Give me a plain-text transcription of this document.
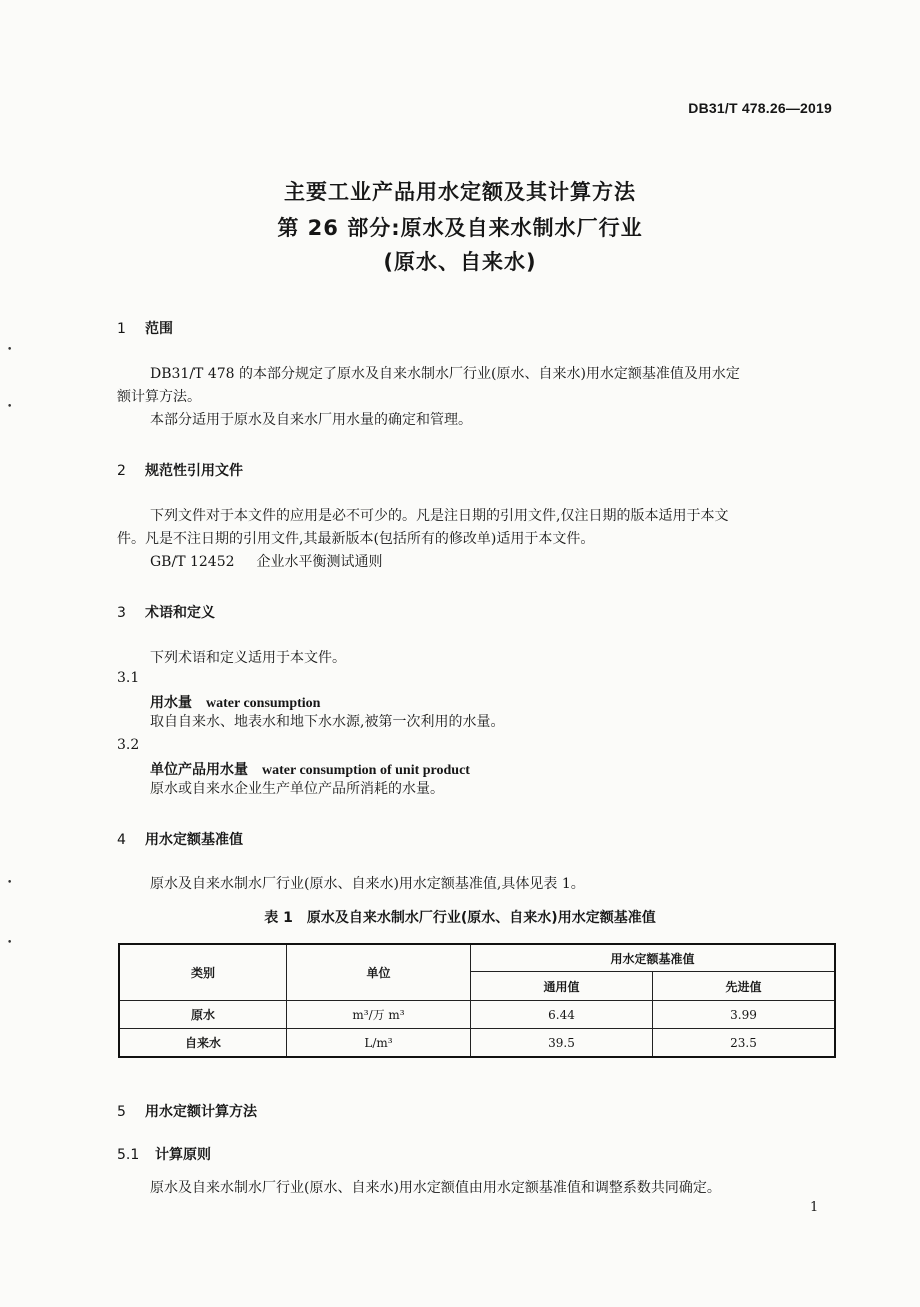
DB31/T 478.26—2019
主要工业产品用水定额及其计算方法
第 26 部分:原水及自来水制水厂行业
(原水、自来水)
1 范围
DB31/T 478 的本部分规定了原水及自来水制水厂行业(原水、自来水)用水定额基准值及用水定
额计算方法。
本部分适用于原水及自来水厂用水量的确定和管理。
2 规范性引用文件
下列文件对于本文件的应用是必不可少的。凡是注日期的引用文件,仅注日期的版本适用于本文
件。凡是不注日期的引用文件,其最新版本(包括所有的修改单)适用于本文件。
GB/T 12452 企业水平衡测试通则
3 术语和定义
下列术语和定义适用于本文件。
3.1
用水量 water consumption
取自自来水、地表水和地下水水源,被第一次利用的水量。
3.2
单位产品用水量 water consumption of unit product
原水或自来水企业生产单位产品所消耗的水量。
4 用水定额基准值
原水及自来水制水厂行业(原水、自来水)用水定额基准值,具体见表 1。
表 1　原水及自来水制水厂行业(原水、自来水)用水定额基准值
类别	单位	用水定额基准值	
		通用值	先进值
原水	m³/万 m³	6.44	3.99
自来水	L/m³	39.5	23.5
5 用水定额计算方法
5.1 计算原则
原水及自来水制水厂行业(原水、自来水)用水定额值由用水定额基准值和调整系数共同确定。
1
•
•
•
•
